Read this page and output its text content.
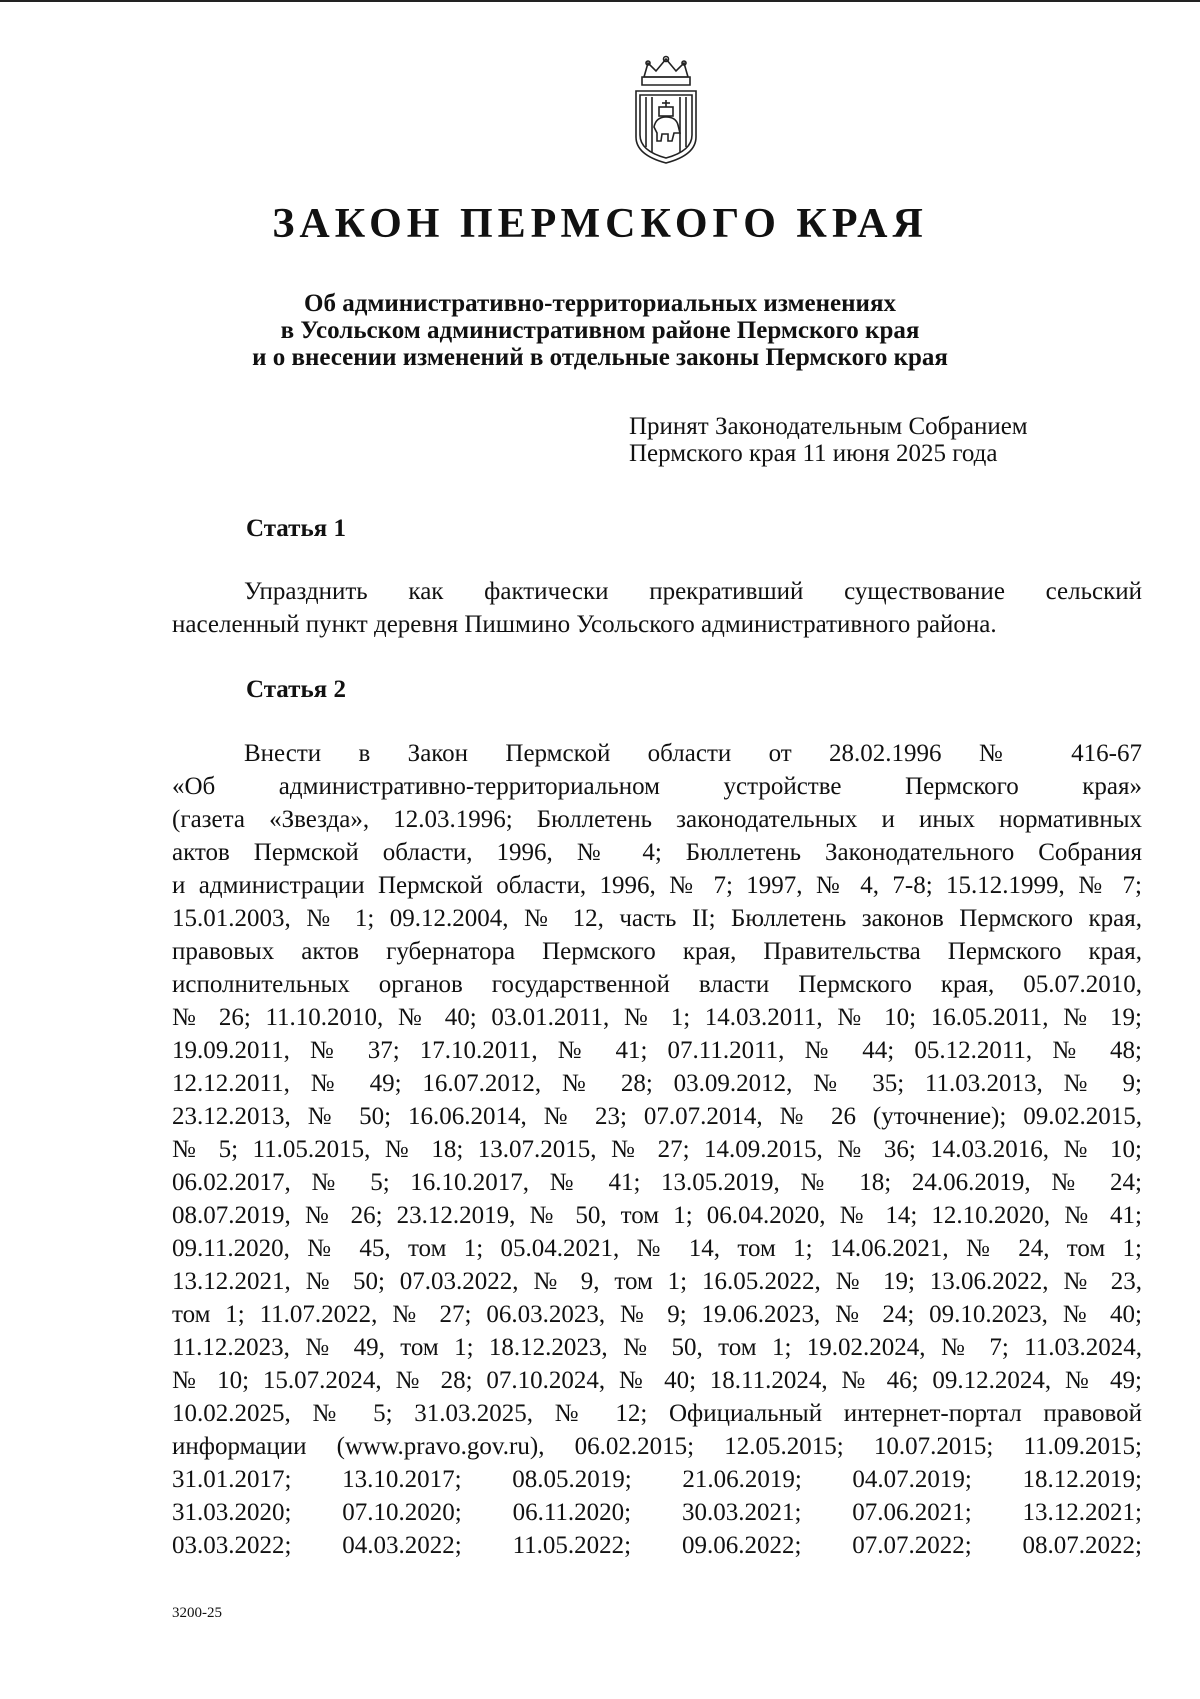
ЗАКОН ПЕРМСКОГО КРАЯ
Об административно-территориальных изменениях
в Усольском административном районе Пермского края
и о внесении изменений в отдельные законы Пермского края
Принят Законодательным Собранием
Пермского края 11 июня 2025 года
Статья 1
Упразднить как фактически прекративший существование сельский
населенный пункт деревня Пишмино Усольского административного района.
Статья 2
Внести в Закон Пермской области от 28.02.1996 № 416-67
«Об административно-территориальном устройстве Пермского края»
(газета «Звезда», 12.03.1996; Бюллетень законодательных и иных нормативных
актов Пермской области, 1996, № 4; Бюллетень Законодательного Собрания
и администрации Пермской области, 1996, № 7; 1997, № 4, 7-8; 15.12.1999, № 7;
15.01.2003, № 1; 09.12.2004, № 12, часть II; Бюллетень законов Пермского края,
правовых актов губернатора Пермского края, Правительства Пермского края,
исполнительных органов государственной власти Пермского края, 05.07.2010,
№ 26; 11.10.2010, № 40; 03.01.2011, № 1; 14.03.2011, № 10; 16.05.2011, № 19;
19.09.2011, № 37; 17.10.2011, № 41; 07.11.2011, № 44; 05.12.2011, № 48;
12.12.2011, № 49; 16.07.2012, № 28; 03.09.2012, № 35; 11.03.2013, № 9;
23.12.2013, № 50; 16.06.2014, № 23; 07.07.2014, № 26 (уточнение); 09.02.2015,
№ 5; 11.05.2015, № 18; 13.07.2015, № 27; 14.09.2015, № 36; 14.03.2016, № 10;
06.02.2017, № 5; 16.10.2017, № 41; 13.05.2019, № 18; 24.06.2019, № 24;
08.07.2019, № 26; 23.12.2019, № 50, том 1; 06.04.2020, № 14; 12.10.2020, № 41;
09.11.2020, № 45, том 1; 05.04.2021, № 14, том 1; 14.06.2021, № 24, том 1;
13.12.2021, № 50; 07.03.2022, № 9, том 1; 16.05.2022, № 19; 13.06.2022, № 23,
том 1; 11.07.2022, № 27; 06.03.2023, № 9; 19.06.2023, № 24; 09.10.2023, № 40;
11.12.2023, № 49, том 1; 18.12.2023, № 50, том 1; 19.02.2024, № 7; 11.03.2024,
№ 10; 15.07.2024, № 28; 07.10.2024, № 40; 18.11.2024, № 46; 09.12.2024, № 49;
10.02.2025, № 5; 31.03.2025, № 12; Официальный интернет-портал правовой
информации (www.pravo.gov.ru), 06.02.2015; 12.05.2015; 10.07.2015; 11.09.2015;
31.01.2017; 13.10.2017; 08.05.2019; 21.06.2019; 04.07.2019; 18.12.2019;
31.03.2020; 07.10.2020; 06.11.2020; 30.03.2021; 07.06.2021; 13.12.2021;
03.03.2022; 04.03.2022; 11.05.2022; 09.06.2022; 07.07.2022; 08.07.2022;
3200-25
